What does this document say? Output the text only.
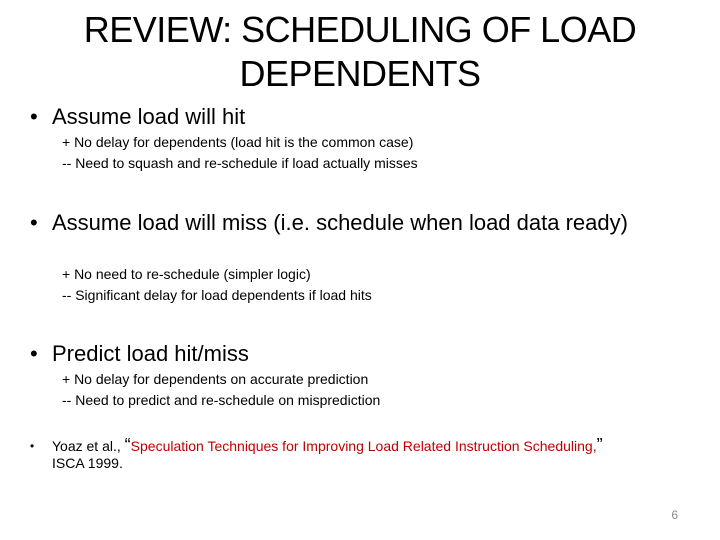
REVIEW: SCHEDULING OF LOAD
DEPENDENTS
• Assume load will hit
+ No delay for dependents (load hit is the common case)
-- Need to squash and re-schedule if load actually misses
• Assume load will miss (i.e. schedule when load data ready)
+ No need to re-schedule (simpler logic)
-- Significant delay for load dependents if load hits
• Predict load hit/miss
+ No delay for dependents on accurate prediction
-- Need to predict and re-schedule on misprediction
•	Yoaz et al., “Speculation Techniques for Improving Load Related Instruction Scheduling,”
ISCA 1999.
6
